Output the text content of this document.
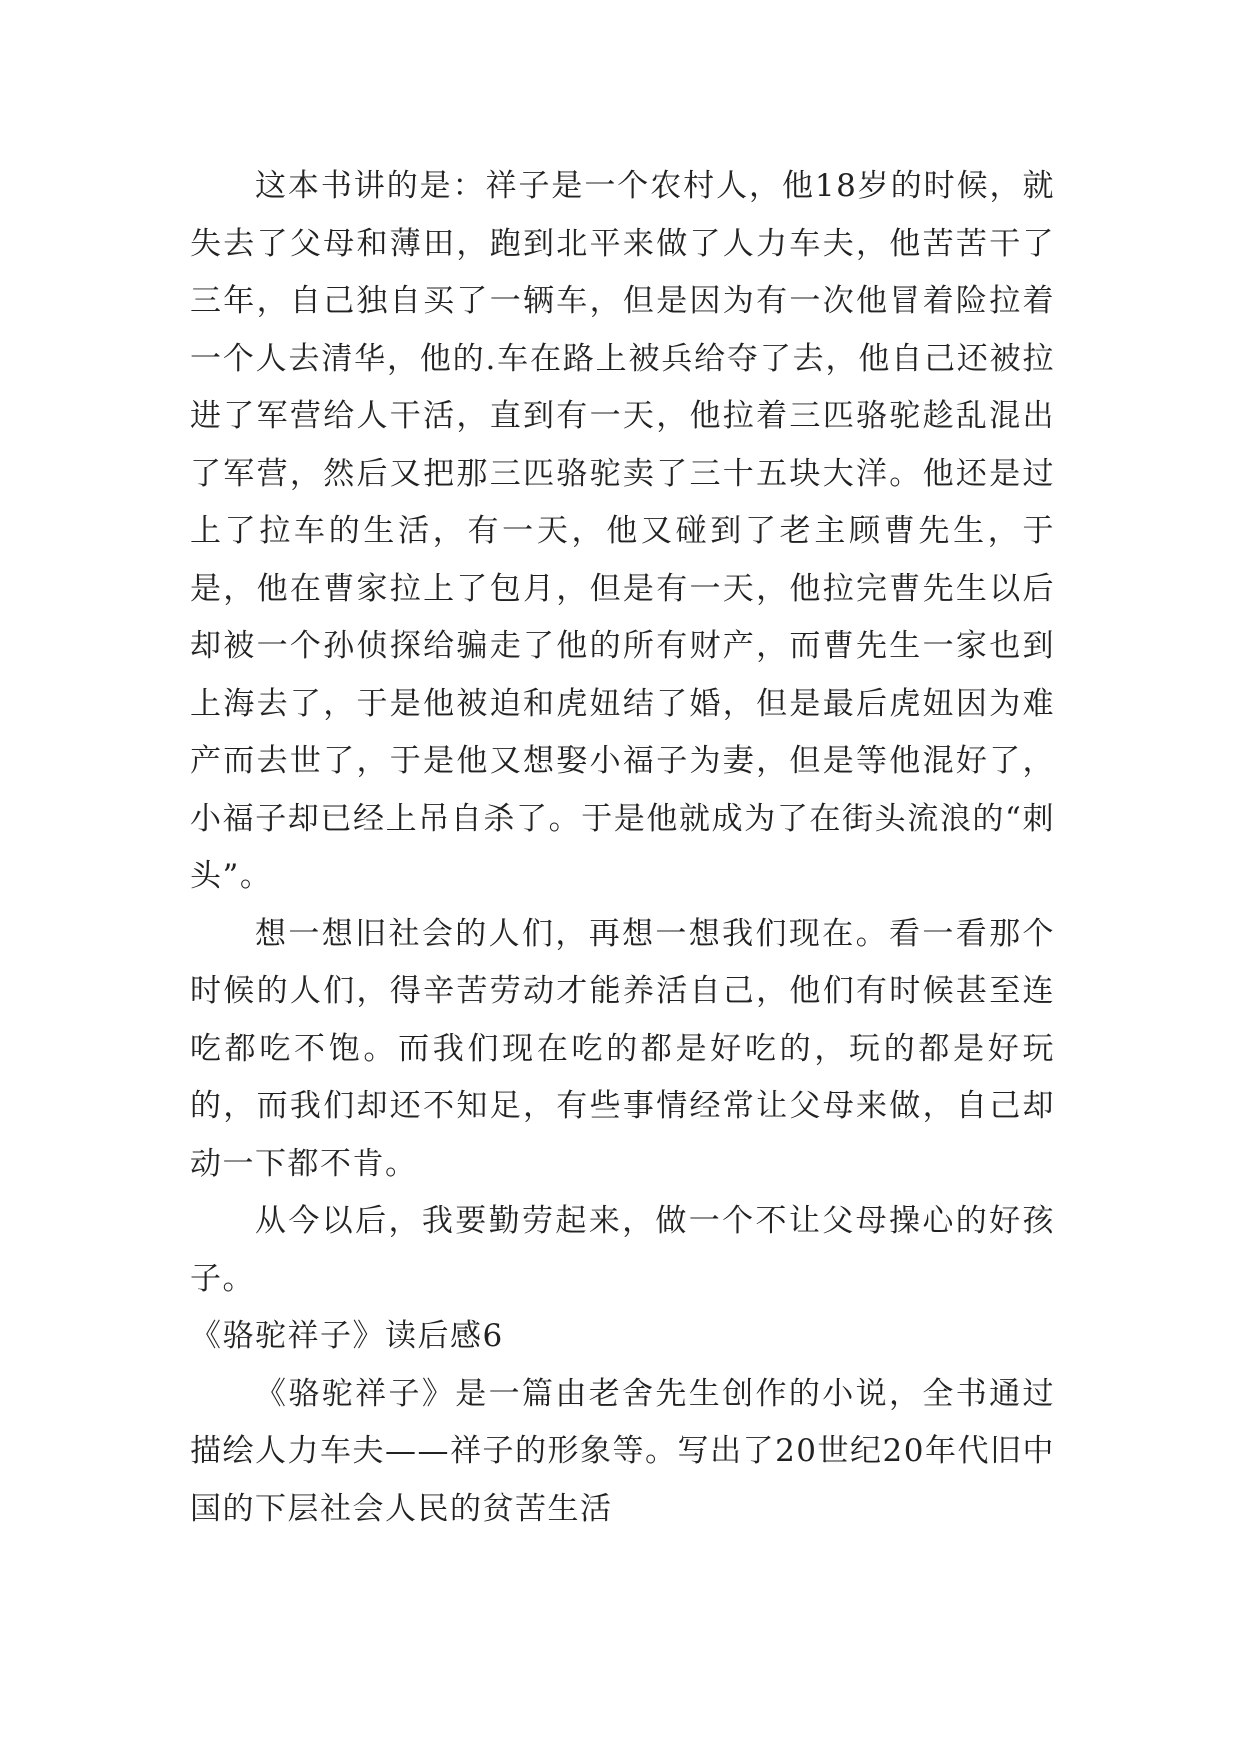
这本书讲的是：祥子是一个农村人，他18岁的时候，就失去了父母和薄田，跑到北平来做了人力车夫，他苦苦干了三年，自己独自买了一辆车，但是因为有一次他冒着险拉着一个人去清华，他的.车在路上被兵给夺了去，他自己还被拉进了军营给人干活，直到有一天，他拉着三匹骆驼趁乱混出了军营，然后又把那三匹骆驼卖了三十五块大洋。他还是过上了拉车的生活，有一天，他又碰到了老主顾曹先生，于是，他在曹家拉上了包月，但是有一天，他拉完曹先生以后却被一个孙侦探给骗走了他的所有财产，而曹先生一家也到上海去了，于是他被迫和虎妞结了婚，但是最后虎妞因为难产而去世了，于是他又想娶小福子为妻，但是等他混好了，小福子却已经上吊自杀了。于是他就成为了在街头流浪的“刺头”。

想一想旧社会的人们，再想一想我们现在。看一看那个时候的人们，得辛苦劳动才能养活自己，他们有时候甚至连吃都吃不饱。而我们现在吃的都是好吃的，玩的都是好玩的，而我们却还不知足，有些事情经常让父母来做，自己却动一下都不肯。

从今以后，我要勤劳起来，做一个不让父母操心的好孩子。

《骆驼祥子》读后感6

《骆驼祥子》是一篇由老舍先生创作的小说，全书通过描绘人力车夫——祥子的形象等。写出了20世纪20年代旧中国的下层社会人民的贫苦生活
